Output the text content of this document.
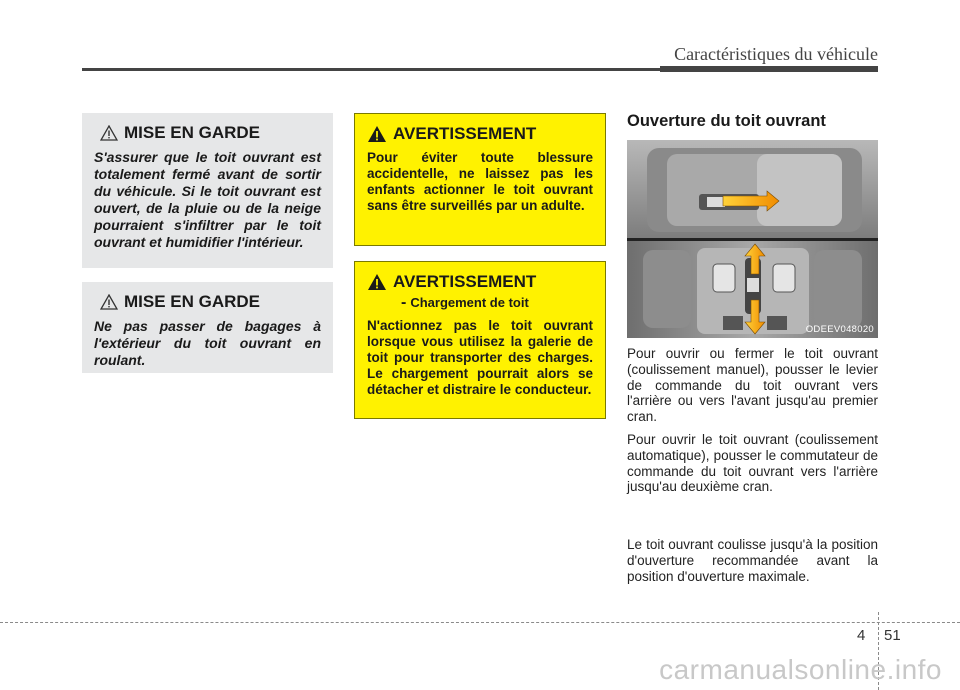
Caractéristiques du véhicule
MISE EN GARDE
S'assurer que le toit ouvrant est totalement fermé avant de sortir du véhicule. Si le toit ouvrant est ouvert, de la pluie ou de la neige pourraient s'infiltrer par le toit ouvrant et humidifier l'intérieur.
MISE EN GARDE
Ne pas passer de bagages à l'extérieur du toit ouvrant en roulant.
AVERTISSEMENT
Pour éviter toute blessure accidentelle, ne laissez pas les enfants actionner le toit ouvrant sans être surveillés par un adulte.
AVERTISSEMENT
- Chargement de toit
N'actionnez pas le toit ouvrant lorsque vous utilisez la galerie de toit pour transporter des charges. Le chargement pourrait alors se détacher et distraire le conducteur.
Ouverture du toit ouvrant
ODEEV048020
Pour ouvrir ou fermer le toit ouvrant (coulissement manuel), pousser le levier de commande du toit ouvrant vers l'arrière ou vers l'avant jusqu'au premier cran.
Pour ouvrir le toit ouvrant (coulissement automatique), pousser le commutateur de commande du toit ouvrant vers l'arrière jusqu'au deuxième cran.
Le toit ouvrant coulisse jusqu'à la position d'ouverture recommandée avant la position d'ouverture maximale.
4 51
carmanualsonline.info
